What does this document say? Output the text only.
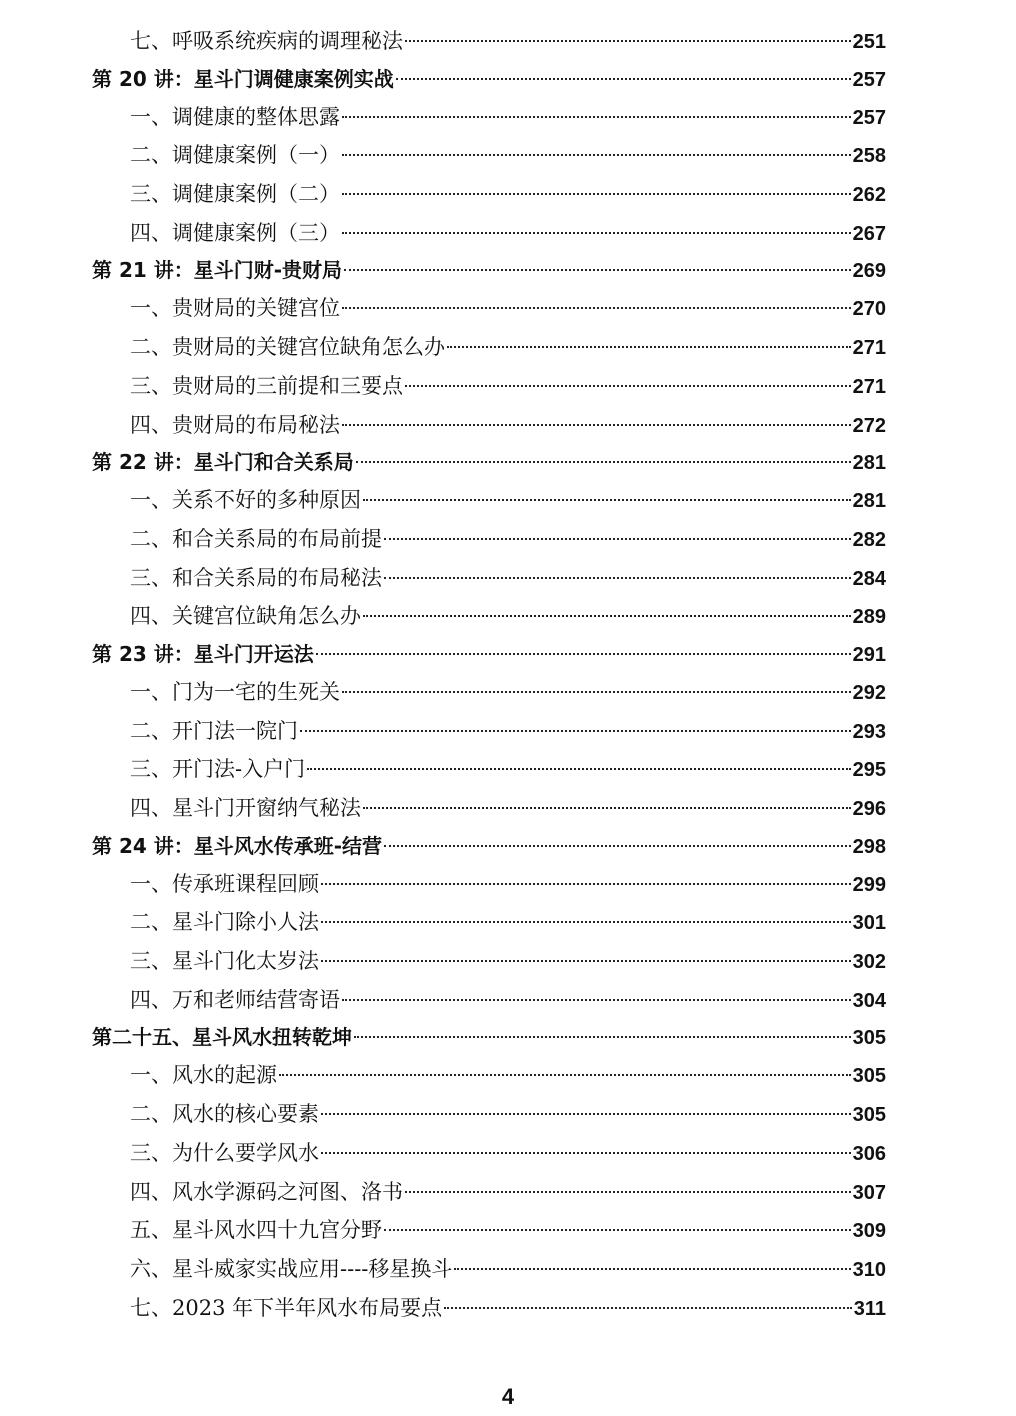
七、呼吸系统疾病的调理秘法	251
第 20 讲：星斗门调健康案例实战	257
一、调健康的整体思露	257
二、调健康案例（一）	258
三、调健康案例（二）	262
四、调健康案例（三）	267
第 21 讲：星斗门财-贵财局	269
一、贵财局的关键宫位	270
二、贵财局的关键宫位缺角怎么办	271
三、贵财局的三前提和三要点	271
四、贵财局的布局秘法	272
第 22 讲：星斗门和合关系局	281
一、关系不好的多种原因	281
二、和合关系局的布局前提	282
三、和合关系局的布局秘法	284
四、关键宫位缺角怎么办	289
第 23 讲：星斗门开运法	291
一、门为一宅的生死关	292
二、开门法一院门	293
三、开门法-入户门	295
四、星斗门开窗纳气秘法	296
第 24 讲：星斗风水传承班-结营	298
一、传承班课程回顾	299
二、星斗门除小人法	301
三、星斗门化太岁法	302
四、万和老师结营寄语	304
第二十五、星斗风水扭转乾坤	305
一、风水的起源	305
二、风水的核心要素	305
三、为什么要学风水	306
四、风水学源码之河图、洛书	307
五、星斗风水四十九宫分野	309
六、星斗威家实战应用----移星换斗	310
七、2023 年下半年风水布局要点	311
4
